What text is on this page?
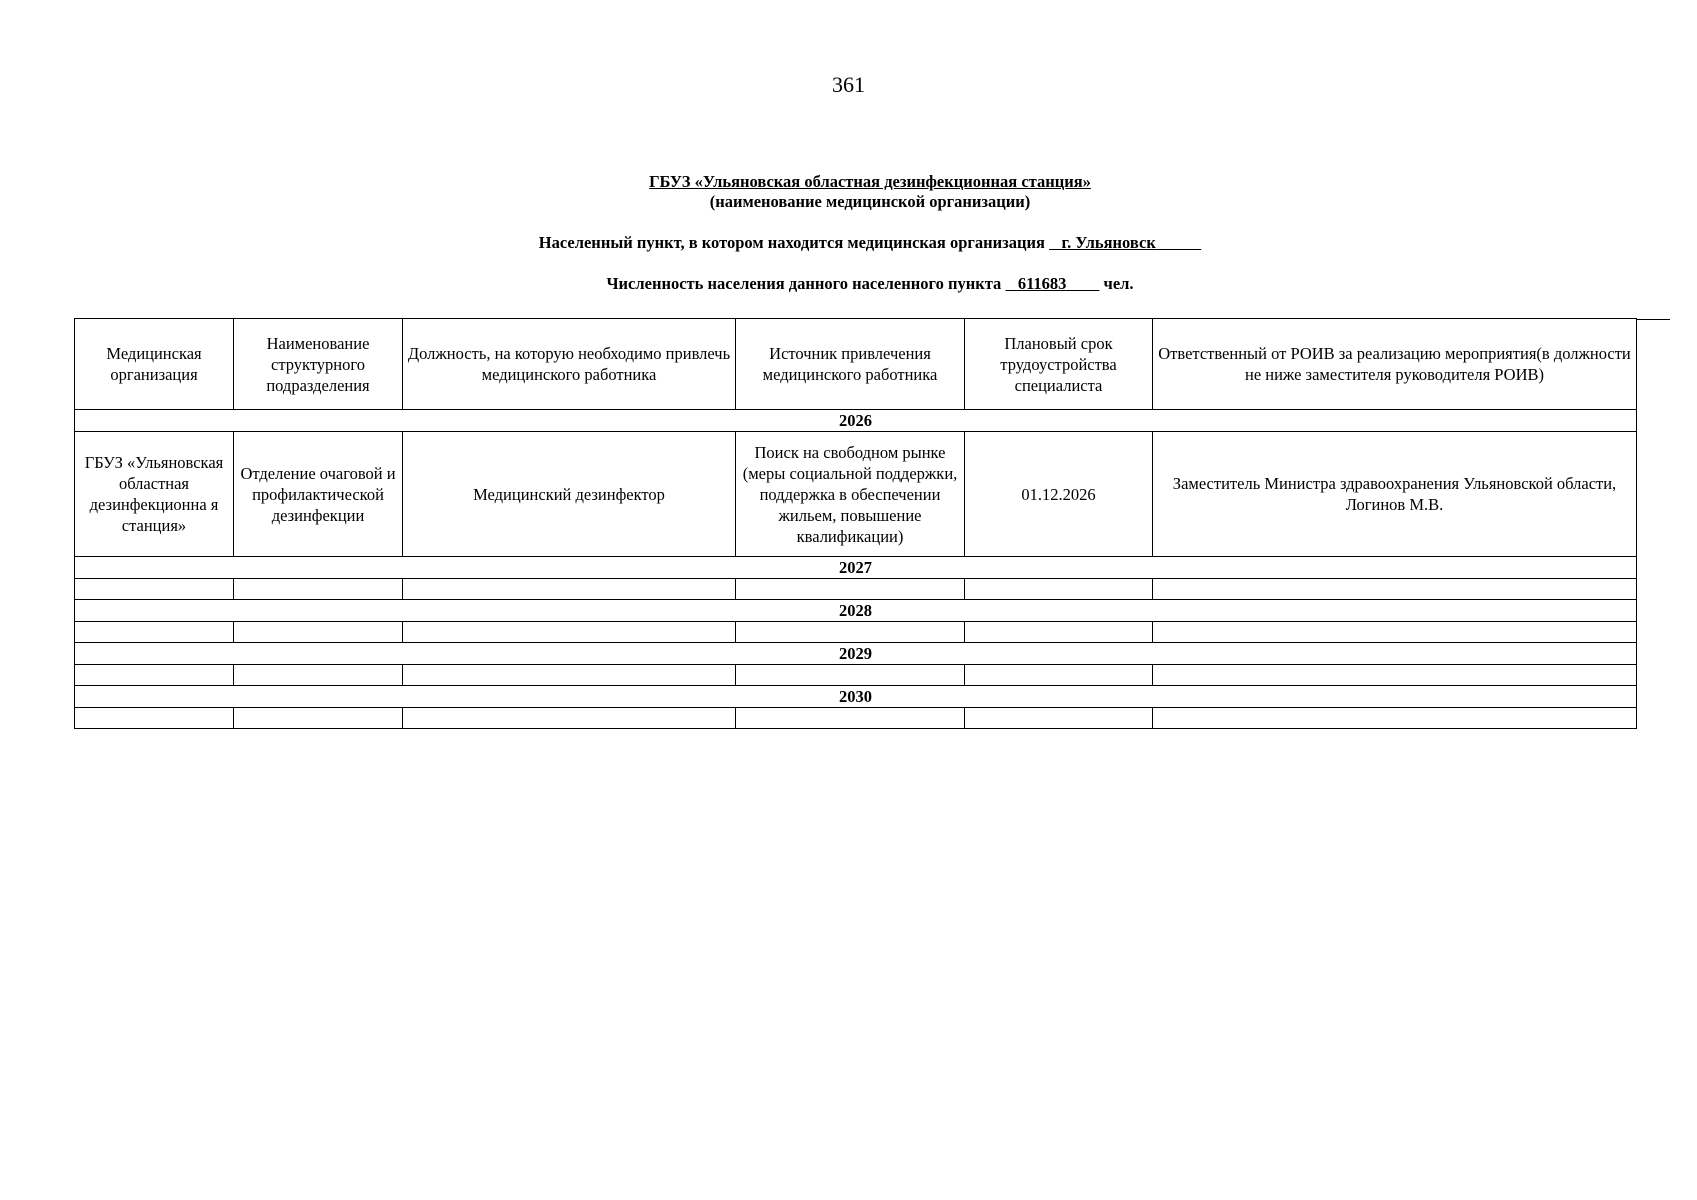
361
ГБУЗ «Ульяновская областная дезинфекционная станция»
(наименование медицинской организации)
Населенный пункт, в котором находится медицинская организация г. Ульяновск
Численность населения данного населенного пункта 611683 чел.
Медицинская организация	Наименование структурного подразделения	Должность, на которую необходимо привлечь медицинского работника	Источник привлечения медицинского работника	Плановый срок трудоустройства специалиста	Ответственный от РОИВ за реализацию мероприятия(в должности не ниже заместителя руководителя РОИВ)
2026					
ГБУЗ «Ульяновская областная дезинфекционна я станция»	Отделение очаговой и профилактической дезинфекции	Медицинский дезинфектор	Поиск на свободном рынке (меры социальной поддержки, поддержка в обеспечении жильем, повышение квалификации)	01.12.2026	Заместитель Министра здравоохранения Ульяновской области, Логинов М.В.
2027					

2028					

2029					

2030					
